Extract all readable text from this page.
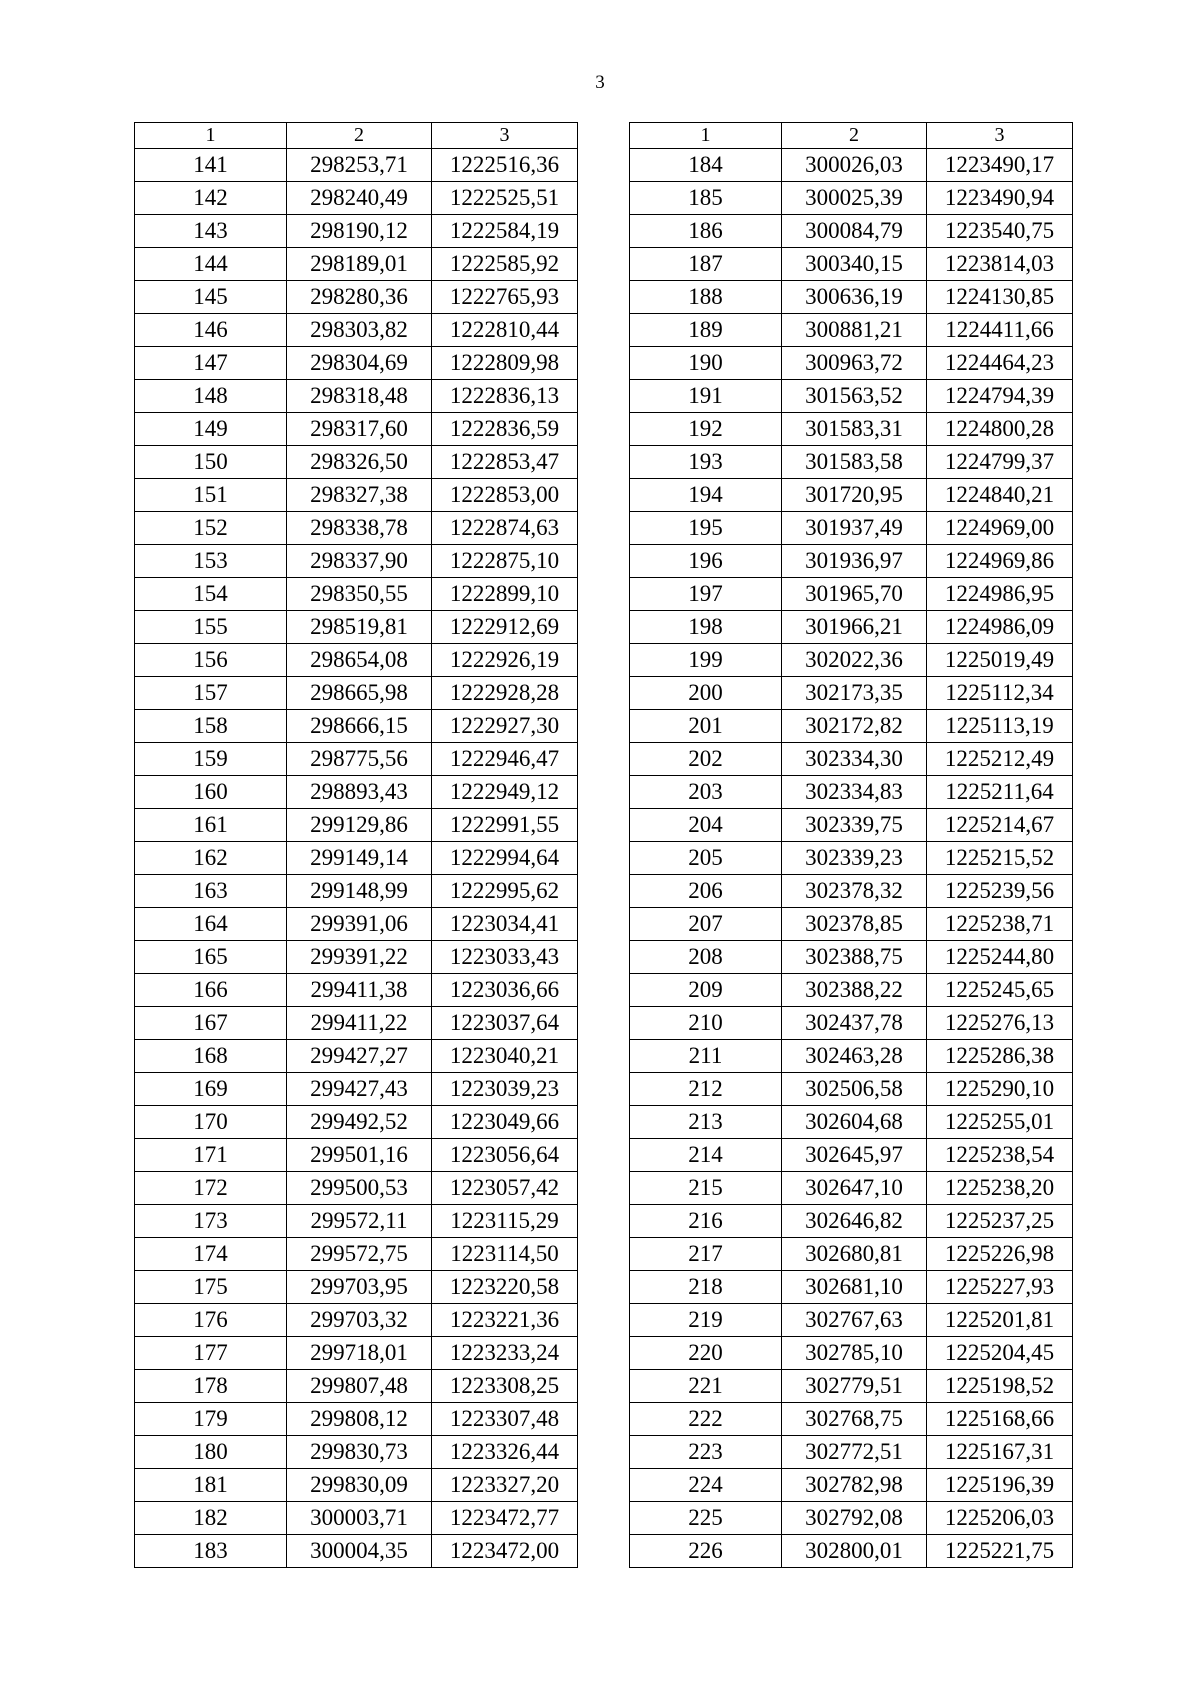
3
1	2	3
141	298253,71	1222516,36
142	298240,49	1222525,51
143	298190,12	1222584,19
144	298189,01	1222585,92
145	298280,36	1222765,93
146	298303,82	1222810,44
147	298304,69	1222809,98
148	298318,48	1222836,13
149	298317,60	1222836,59
150	298326,50	1222853,47
151	298327,38	1222853,00
152	298338,78	1222874,63
153	298337,90	1222875,10
154	298350,55	1222899,10
155	298519,81	1222912,69
156	298654,08	1222926,19
157	298665,98	1222928,28
158	298666,15	1222927,30
159	298775,56	1222946,47
160	298893,43	1222949,12
161	299129,86	1222991,55
162	299149,14	1222994,64
163	299148,99	1222995,62
164	299391,06	1223034,41
165	299391,22	1223033,43
166	299411,38	1223036,66
167	299411,22	1223037,64
168	299427,27	1223040,21
169	299427,43	1223039,23
170	299492,52	1223049,66
171	299501,16	1223056,64
172	299500,53	1223057,42
173	299572,11	1223115,29
174	299572,75	1223114,50
175	299703,95	1223220,58
176	299703,32	1223221,36
177	299718,01	1223233,24
178	299807,48	1223308,25
179	299808,12	1223307,48
180	299830,73	1223326,44
181	299830,09	1223327,20
182	300003,71	1223472,77
183	300004,35	1223472,00
1	2	3
184	300026,03	1223490,17
185	300025,39	1223490,94
186	300084,79	1223540,75
187	300340,15	1223814,03
188	300636,19	1224130,85
189	300881,21	1224411,66
190	300963,72	1224464,23
191	301563,52	1224794,39
192	301583,31	1224800,28
193	301583,58	1224799,37
194	301720,95	1224840,21
195	301937,49	1224969,00
196	301936,97	1224969,86
197	301965,70	1224986,95
198	301966,21	1224986,09
199	302022,36	1225019,49
200	302173,35	1225112,34
201	302172,82	1225113,19
202	302334,30	1225212,49
203	302334,83	1225211,64
204	302339,75	1225214,67
205	302339,23	1225215,52
206	302378,32	1225239,56
207	302378,85	1225238,71
208	302388,75	1225244,80
209	302388,22	1225245,65
210	302437,78	1225276,13
211	302463,28	1225286,38
212	302506,58	1225290,10
213	302604,68	1225255,01
214	302645,97	1225238,54
215	302647,10	1225238,20
216	302646,82	1225237,25
217	302680,81	1225226,98
218	302681,10	1225227,93
219	302767,63	1225201,81
220	302785,10	1225204,45
221	302779,51	1225198,52
222	302768,75	1225168,66
223	302772,51	1225167,31
224	302782,98	1225196,39
225	302792,08	1225206,03
226	302800,01	1225221,75
